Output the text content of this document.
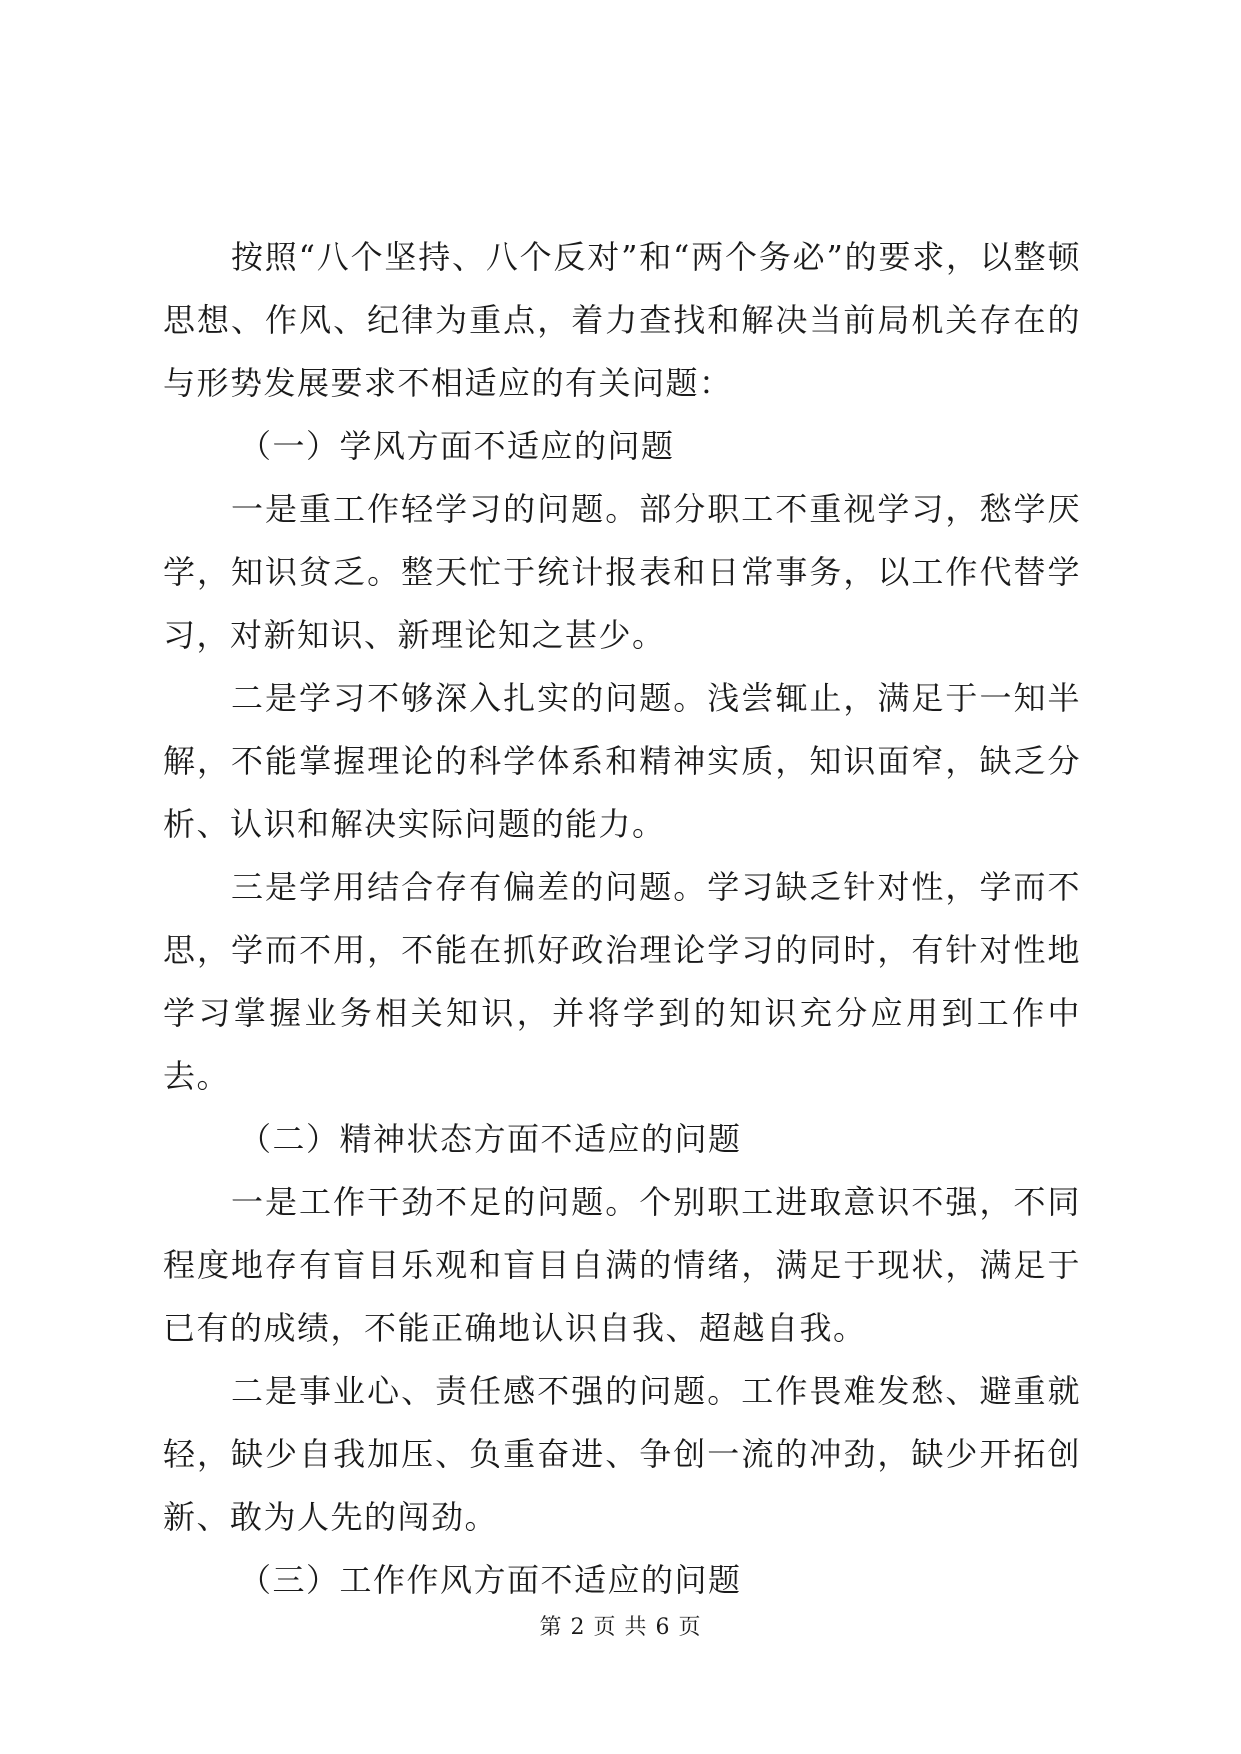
按照“八个坚持、八个反对”和“两个务必”的要求，以整顿思想、作风、纪律为重点，着力查找和解决当前局机关存在的与形势发展要求不相适应的有关问题：

（一）学风方面不适应的问题

一是重工作轻学习的问题。部分职工不重视学习，愁学厌学，知识贫乏。整天忙于统计报表和日常事务，以工作代替学习，对新知识、新理论知之甚少。

二是学习不够深入扎实的问题。浅尝辄止，满足于一知半解，不能掌握理论的科学体系和精神实质，知识面窄，缺乏分析、认识和解决实际问题的能力。

三是学用结合存有偏差的问题。学习缺乏针对性，学而不思，学而不用，不能在抓好政治理论学习的同时，有针对性地学习掌握业务相关知识，并将学到的知识充分应用到工作中去。

（二）精神状态方面不适应的问题

一是工作干劲不足的问题。个别职工进取意识不强，不同程度地存有盲目乐观和盲目自满的情绪，满足于现状，满足于已有的成绩，不能正确地认识自我、超越自我。

二是事业心、责任感不强的问题。工作畏难发愁、避重就轻，缺少自我加压、负重奋进、争创一流的冲劲，缺少开拓创新、敢为人先的闯劲。

（三）工作作风方面不适应的问题

第 2 页 共 6 页
